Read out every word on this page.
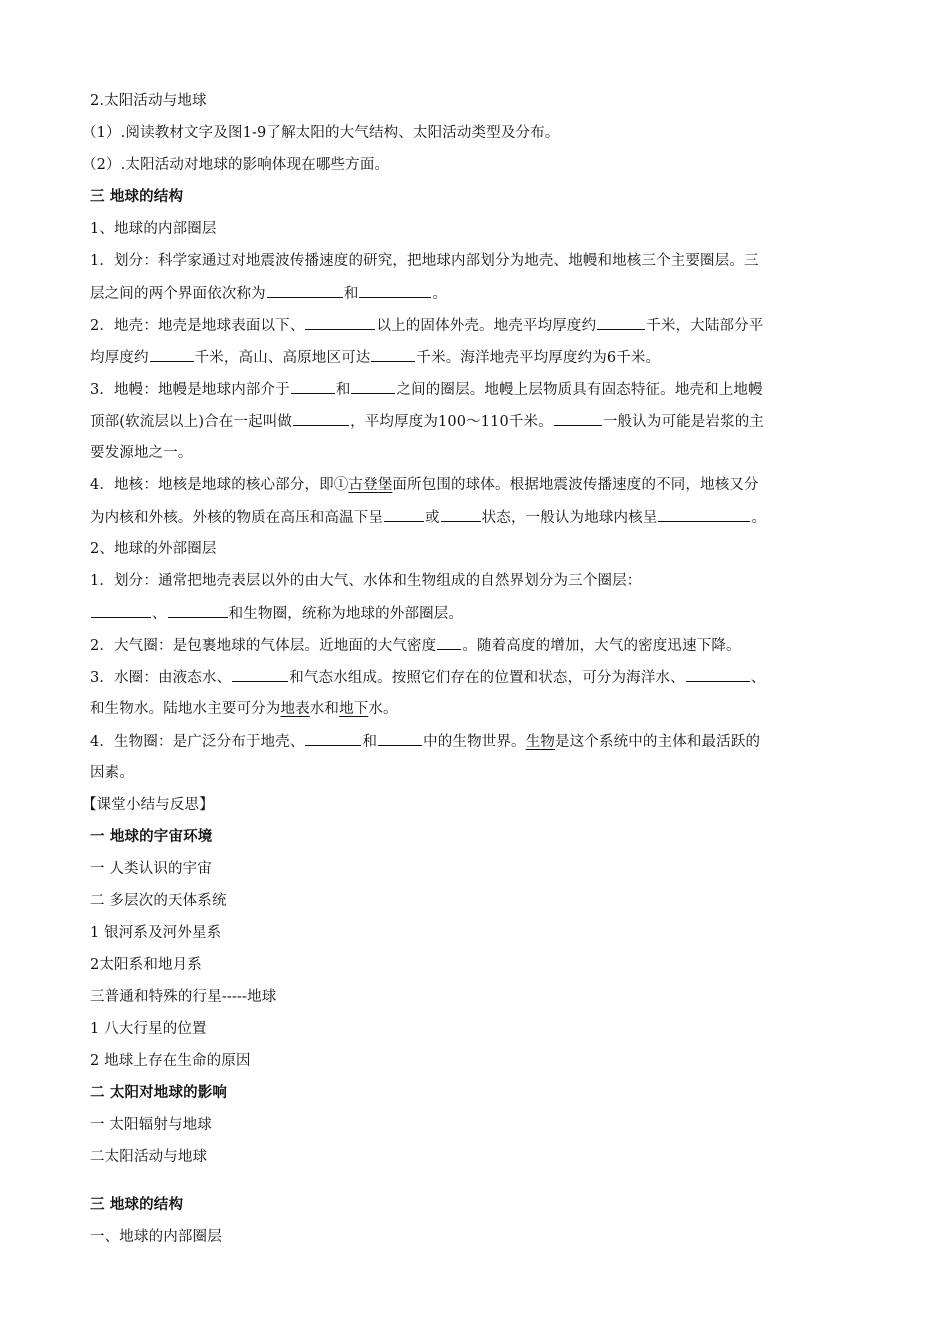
2.太阳活动与地球
（1）.阅读教材文字及图1-9了解太阳的大气结构、太阳活动类型及分布。
（2）.太阳活动对地球的影响体现在哪些方面。
三 地球的结构
1、地球的内部圈层
1．划分：科学家通过对地震波传播速度的研究，把地球内部划分为地壳、地幔和地核三个主要圈层。三
层之间的两个界面依次称为	和	。
2．地壳：地壳是地球表面以下、	以上的固体外壳。地壳平均厚度约	千米，大陆部分平
均厚度约	千米，高山、高原地区可达	千米。海洋地壳平均厚度约为6千米。
3．地幔：地幔是地球内部介于	和	之间的圈层。地幔上层物质具有固态特征。地壳和上地幔
顶部(软流层以上)合在一起叫做	，平均厚度为100～110千米。	一般认为可能是岩浆的主
要发源地之一。
4．地核：地核是地球的核心部分，即①古登堡面所包围的球体。根据地震波传播速度的不同，地核又分
为内核和外核。外核的物质在高压和高温下呈	或	状态，一般认为地球内核呈	。
2、地球的外部圈层
1．划分：通常把地壳表层以外的由大气、水体和生物组成的自然界划分为三个圈层：
、	和生物圈，统称为地球的外部圈层。
2．大气圈：是包裹地球的气体层。近地面的大气密度 。随着高度的增加，大气的密度迅速下降。
3．水圈：由液态水、	和气态水组成。按照它们存在的位置和状态，可分为海洋水、	、
和生物水。陆地水主要可分为地表水和地下水。
4．生物圈：是广泛分布于地壳、	和	中的生物世界。生物是这个系统中的主体和最活跃的
因素。
【课堂小结与反思】
一 地球的宇宙环境
一 人类认识的宇宙
二 多层次的天体系统
1 银河系及河外星系
2太阳系和地月系
三普通和特殊的行星-----地球
1 八大行星的位置
2 地球上存在生命的原因
二 太阳对地球的影响
一 太阳辐射与地球
二太阳活动与地球
三 地球的结构
一、地球的内部圈层
